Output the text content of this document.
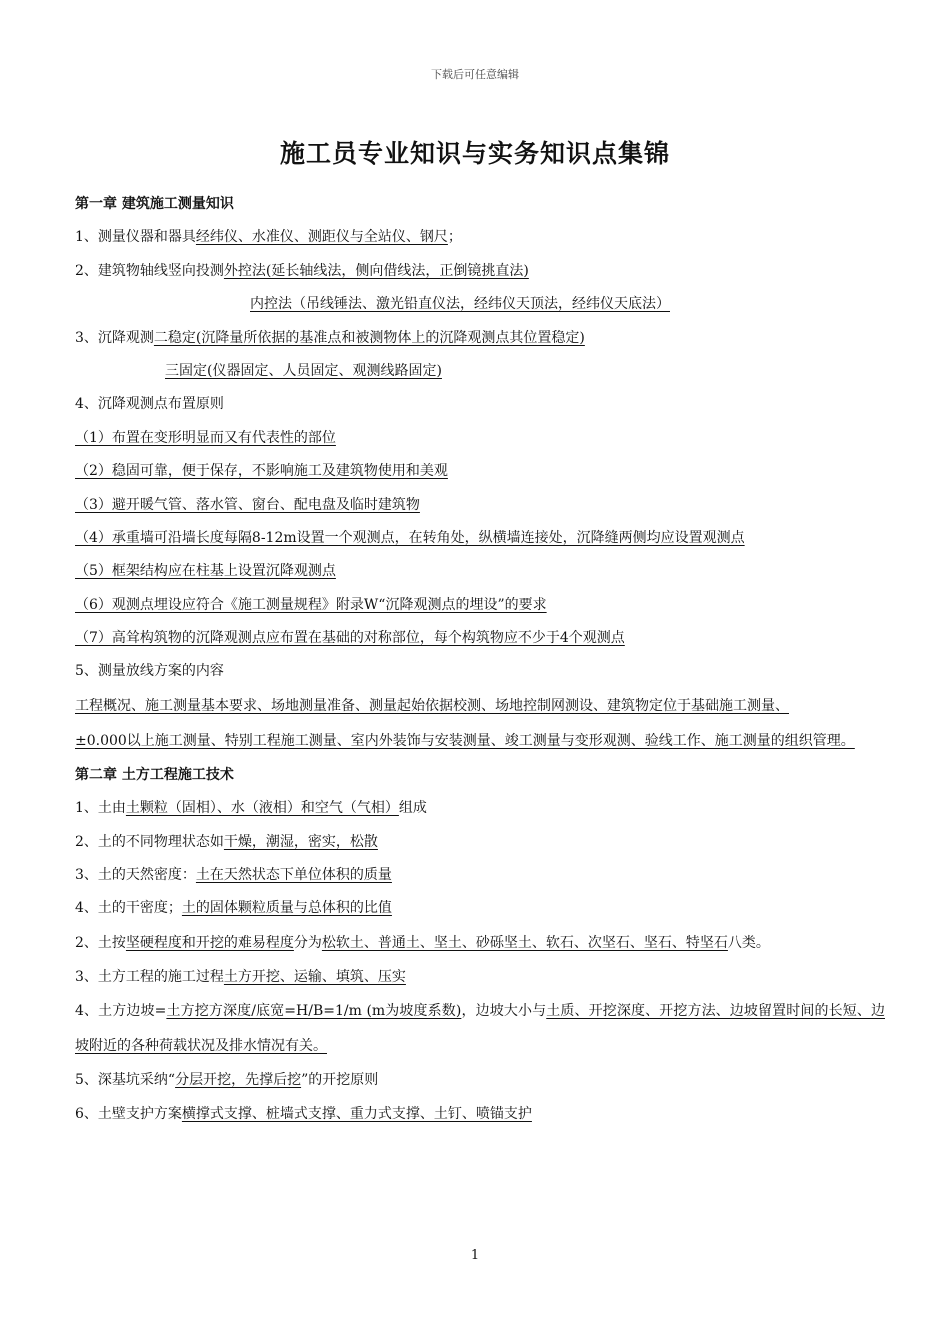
下载后可任意编辑
施工员专业知识与实务知识点集锦
第一章 建筑施工测量知识
1、测量仪器和器具经纬仪、水准仪、测距仪与全站仪、钢尺；
2、建筑物轴线竖向投测外控法(延长轴线法，侧向借线法，正倒镜挑直法)
内控法（吊线锤法、激光铅直仪法，经纬仪天顶法，经纬仪天底法）
3、沉降观测二稳定(沉降量所依据的基准点和被测物体上的沉降观测点其位置稳定)
三固定(仪器固定、人员固定、观测线路固定)
4、沉降观测点布置原则
（1）布置在变形明显而又有代表性的部位
（2）稳固可靠，便于保存，不影响施工及建筑物使用和美观
（3）避开暖气管、落水管、窗台、配电盘及临时建筑物
（4）承重墙可沿墙长度每隔8-12m设置一个观测点，在转角处，纵横墙连接处，沉降缝两侧均应设置观测点
（5）框架结构应在柱基上设置沉降观测点
（6）观测点埋设应符合《施工测量规程》附录W“沉降观测点的埋设”的要求
（7）高耸构筑物的沉降观测点应布置在基础的对称部位，每个构筑物应不少于4个观测点
5、测量放线方案的内容
工程概况、施工测量基本要求、场地测量准备、测量起始依据校测、场地控制网测设、建筑物定位于基础施工测量、
±0.000以上施工测量、特别工程施工测量、室内外装饰与安装测量、竣工测量与变形观测、验线工作、施工测量的组织管理。
第二章 土方工程施工技术
1、土由土颗粒（固相）、水（液相）和空气（气相）组成
2、土的不同物理状态如干燥，潮湿，密实，松散
3、土的天然密度：土在天然状态下单位体积的质量
4、土的干密度；土的固体颗粒质量与总体积的比值
2、土按坚硬程度和开挖的难易程度分为松软土、普通土、坚土、砂砾坚土、软石、次坚石、坚石、特坚石八类。
3、土方工程的施工过程土方开挖、运输、填筑、压实
4、土方边坡=土方挖方深度/底宽=H/B=1/m (m为坡度系数)，边坡大小与土质、开挖深度、开挖方法、边坡留置时间的长短、边坡附近的各种荷载状况及排水情况有关。
5、深基坑采纳“分层开挖，先撑后挖”的开挖原则
6、土壁支护方案横撑式支撑、桩墙式支撑、重力式支撑、土钉、喷锚支护
1
